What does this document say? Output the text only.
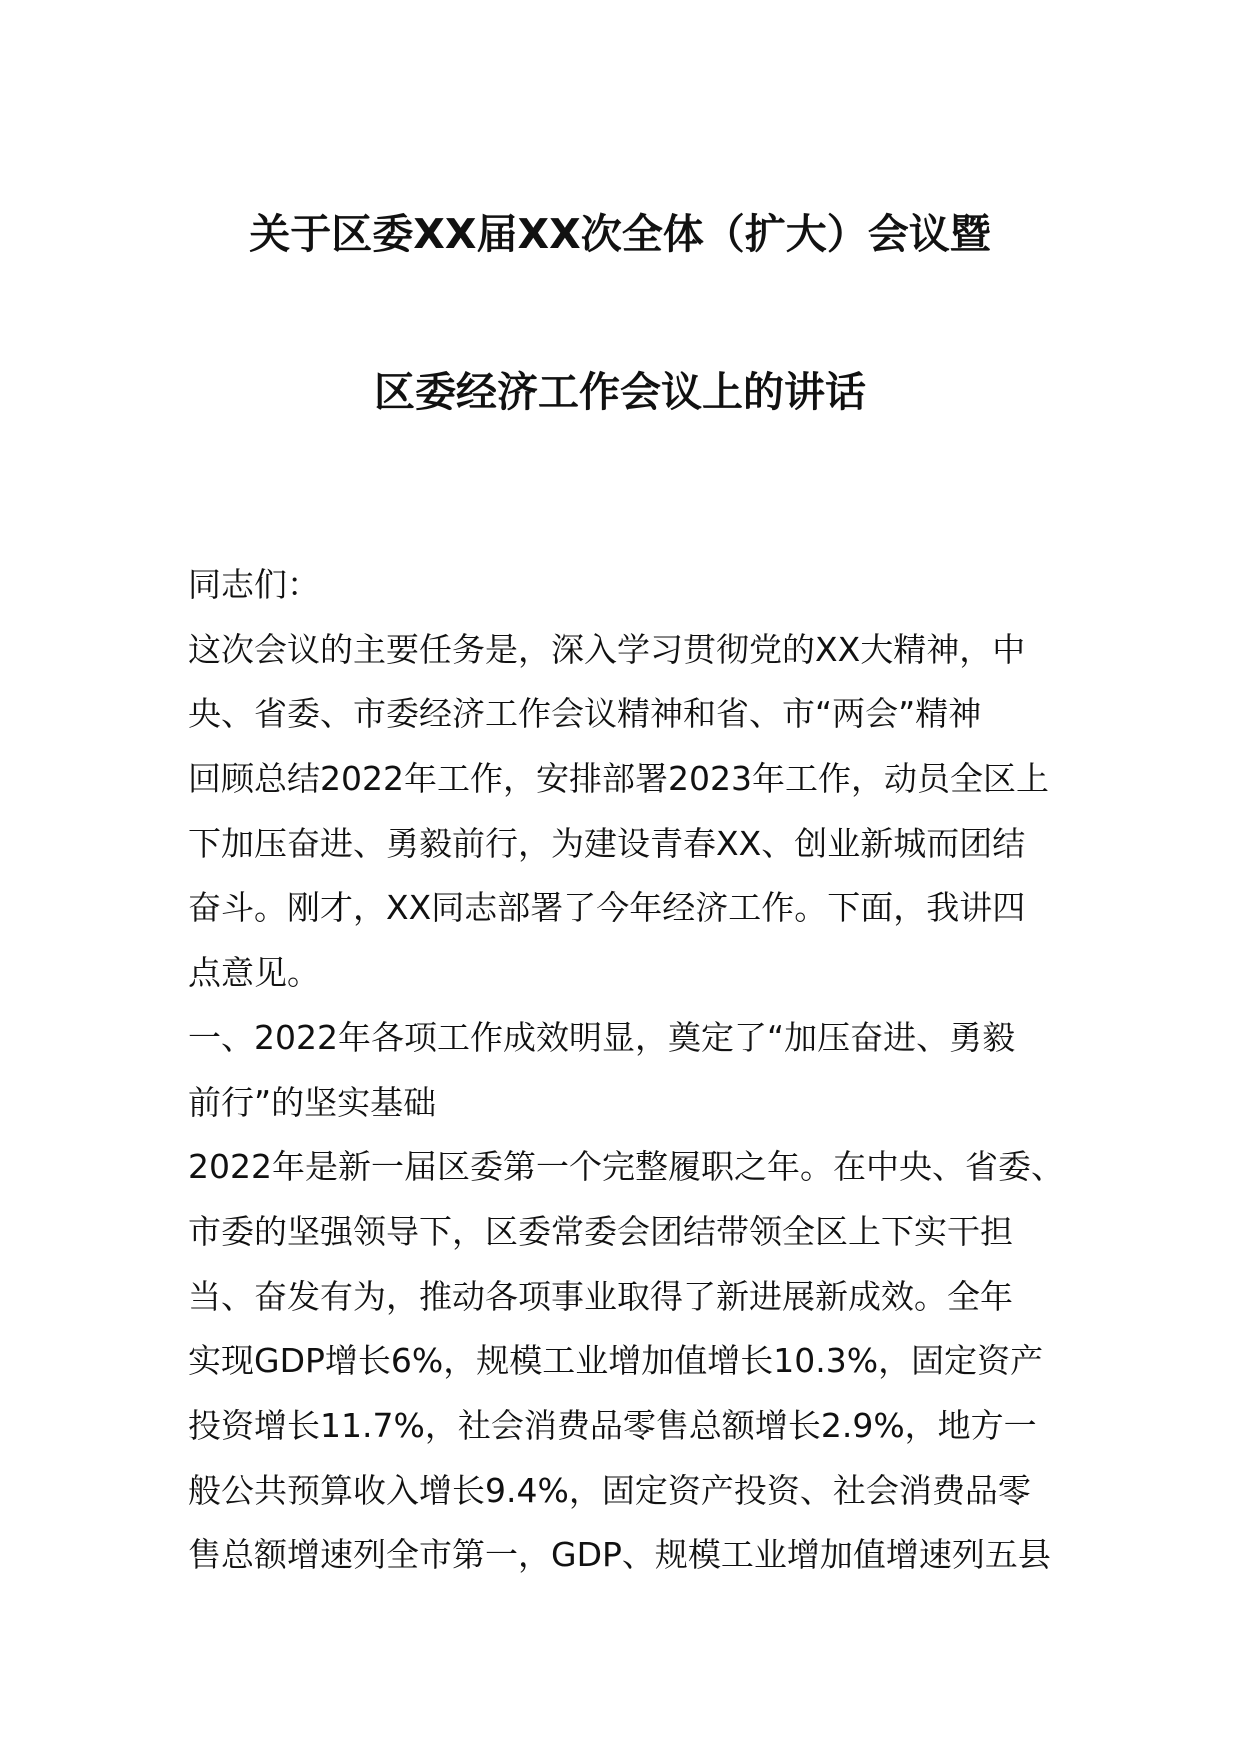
关于区委XX届XX次全体（扩大）会议暨
区委经济工作会议上的讲话
同志们：
这次会议的主要任务是，深入学习贯彻党的XX大精神，中
央、省委、市委经济工作会议精神和省、市“两会”精神
回顾总结2022年工作，安排部署2023年工作，动员全区上
下加压奋进、勇毅前行，为建设青春XX、创业新城而团结
奋斗。刚才，XX同志部署了今年经济工作。下面，我讲四
点意见。
一、2022年各项工作成效明显，奠定了“加压奋进、勇毅
前行”的坚实基础
2022年是新一届区委第一个完整履职之年。在中央、省委、
市委的坚强领导下，区委常委会团结带领全区上下实干担
当、奋发有为，推动各项事业取得了新进展新成效。全年
实现GDP增长6%，规模工业增加值增长10.3%，固定资产
投资增长11.7%，社会消费品零售总额增长2.9%，地方一
般公共预算收入增长9.4%，固定资产投资、社会消费品零
售总额增速列全市第一，GDP、规模工业增加值增速列五县
